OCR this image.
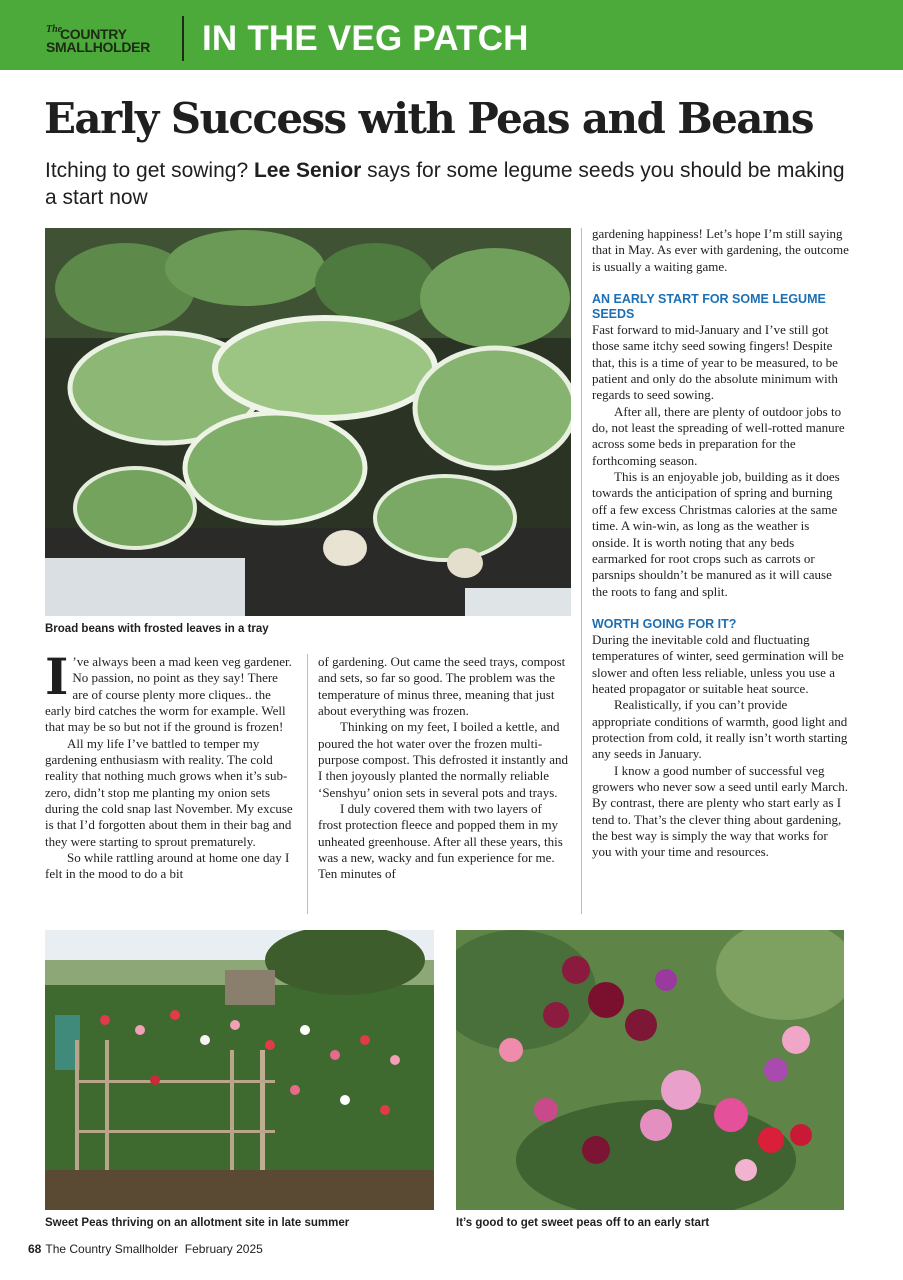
The
COUNTRY
SMALLHOLDER IN THE VEG PATCH
Early Success with Peas and Beans
Itching to get sowing? Lee Senior says for some legume seeds you should be making a start now
Broad beans with frosted leaves in a tray

I ’ve always been a mad keen veg gardener. No passion, no point as they say! There are of course plenty more cliques.. the early bird catches the worm for example. Well that may be so but not if the ground is frozen!

All my life I’ve battled to temper my gardening enthusiasm with reality. The cold reality that nothing much grows when it’s sub-zero, didn’t stop me planting my onion sets during the cold snap last November. My excuse is that I’d forgotten about them in their bag and they were starting to sprout prematurely.

So while rattling around at home one day I felt in the mood to do a bit

of gardening. Out came the seed trays, compost and sets, so far so good. The problem was the temperature of minus three, meaning that just about everything was frozen.

Thinking on my feet, I boiled a kettle, and poured the hot water over the frozen multi-purpose compost. This defrosted it instantly and I then joyously planted the normally reliable ‘Senshyu’ onion sets in several pots and trays.

I duly covered them with two layers of frost protection fleece and popped them in my unheated greenhouse. After all these years, this was a new, wacky and fun experience for me. Ten minutes of

gardening happiness! Let’s hope I’m still saying that in May. As ever with gardening, the outcome is usually a waiting game.

AN EARLY START FOR SOME LEGUME SEEDS

Fast forward to mid-January and I’ve still got those same itchy seed sowing fingers! Despite that, this is a time of year to be measured, to be patient and only do the absolute minimum with regards to seed sowing.

After all, there are plenty of outdoor jobs to do, not least the spreading of well-rotted manure across some beds in preparation for the forthcoming season.

This is an enjoyable job, building as it does towards the anticipation of spring and burning off a few excess Christmas calories at the same time. A win-win, as long as the weather is onside. It is worth noting that any beds earmarked for root crops such as carrots or parsnips shouldn’t be manured as it will cause the roots to fang and split.

WORTH GOING FOR IT?

During the inevitable cold and fluctuating temperatures of winter, seed germination will be slower and often less reliable, unless you use a heated propagator or suitable heat source.

Realistically, if you can’t provide appropriate conditions of warmth, good light and protection from cold, it really isn’t worth starting any seeds in January.

I know a good number of successful veg growers who never sow a seed until early March. By contrast, there are plenty who start early as I tend to. That’s the clever thing about gardening, the best way is simply the way that works for you with your time and resources.

Sweet Peas thriving on an allotment site in late summer	It’s good to get sweet peas off to an early start
68 The Country Smallholder February 2025
